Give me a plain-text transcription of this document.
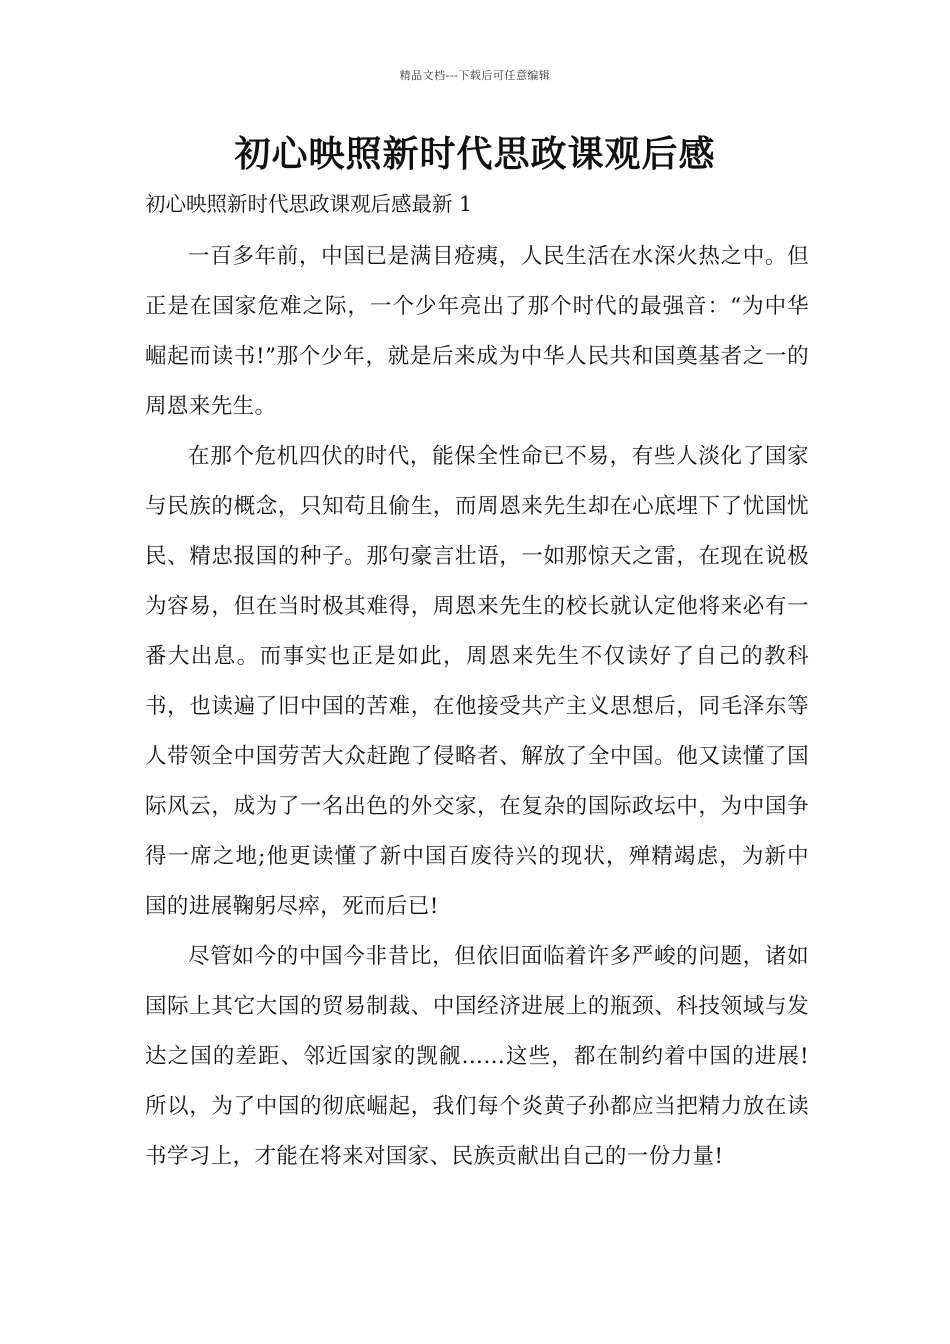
精品文档---下载后可任意编辑
初心映照新时代思政课观后感

初心映照新时代思政课观后感最新 1

一百多年前，中国已是满目疮痍，人民生活在水深火热之中。但正是在国家危难之际，一个少年亮出了那个时代的最强音：“为中华崛起而读书!”那个少年，就是后来成为中华人民共和国奠基者之一的周恩来先生。

在那个危机四伏的时代，能保全性命已不易，有些人淡化了国家与民族的概念，只知苟且偷生，而周恩来先生却在心底埋下了忧国忧民、精忠报国的种子。那句豪言壮语，一如那惊天之雷，在现在说极为容易，但在当时极其难得，周恩来先生的校长就认定他将来必有一番大出息。而事实也正是如此，周恩来先生不仅读好了自己的教科书，也读遍了旧中国的苦难，在他接受共产主义思想后，同毛泽东等人带领全中国劳苦大众赶跑了侵略者、解放了全中国。他又读懂了国际风云，成为了一名出色的外交家，在复杂的国际政坛中，为中国争得一席之地;他更读懂了新中国百废待兴的现状，殚精竭虑，为新中国的进展鞠躬尽瘁，死而后已!

尽管如今的中国今非昔比，但依旧面临着许多严峻的问题，诸如国际上其它大国的贸易制裁、中国经济进展上的瓶颈、科技领域与发达之国的差距、邻近国家的觊觎……这些，都在制约着中国的进展!所以，为了中国的彻底崛起，我们每个炎黄子孙都应当把精力放在读书学习上，才能在将来对国家、民族贡献出自己的一份力量!
